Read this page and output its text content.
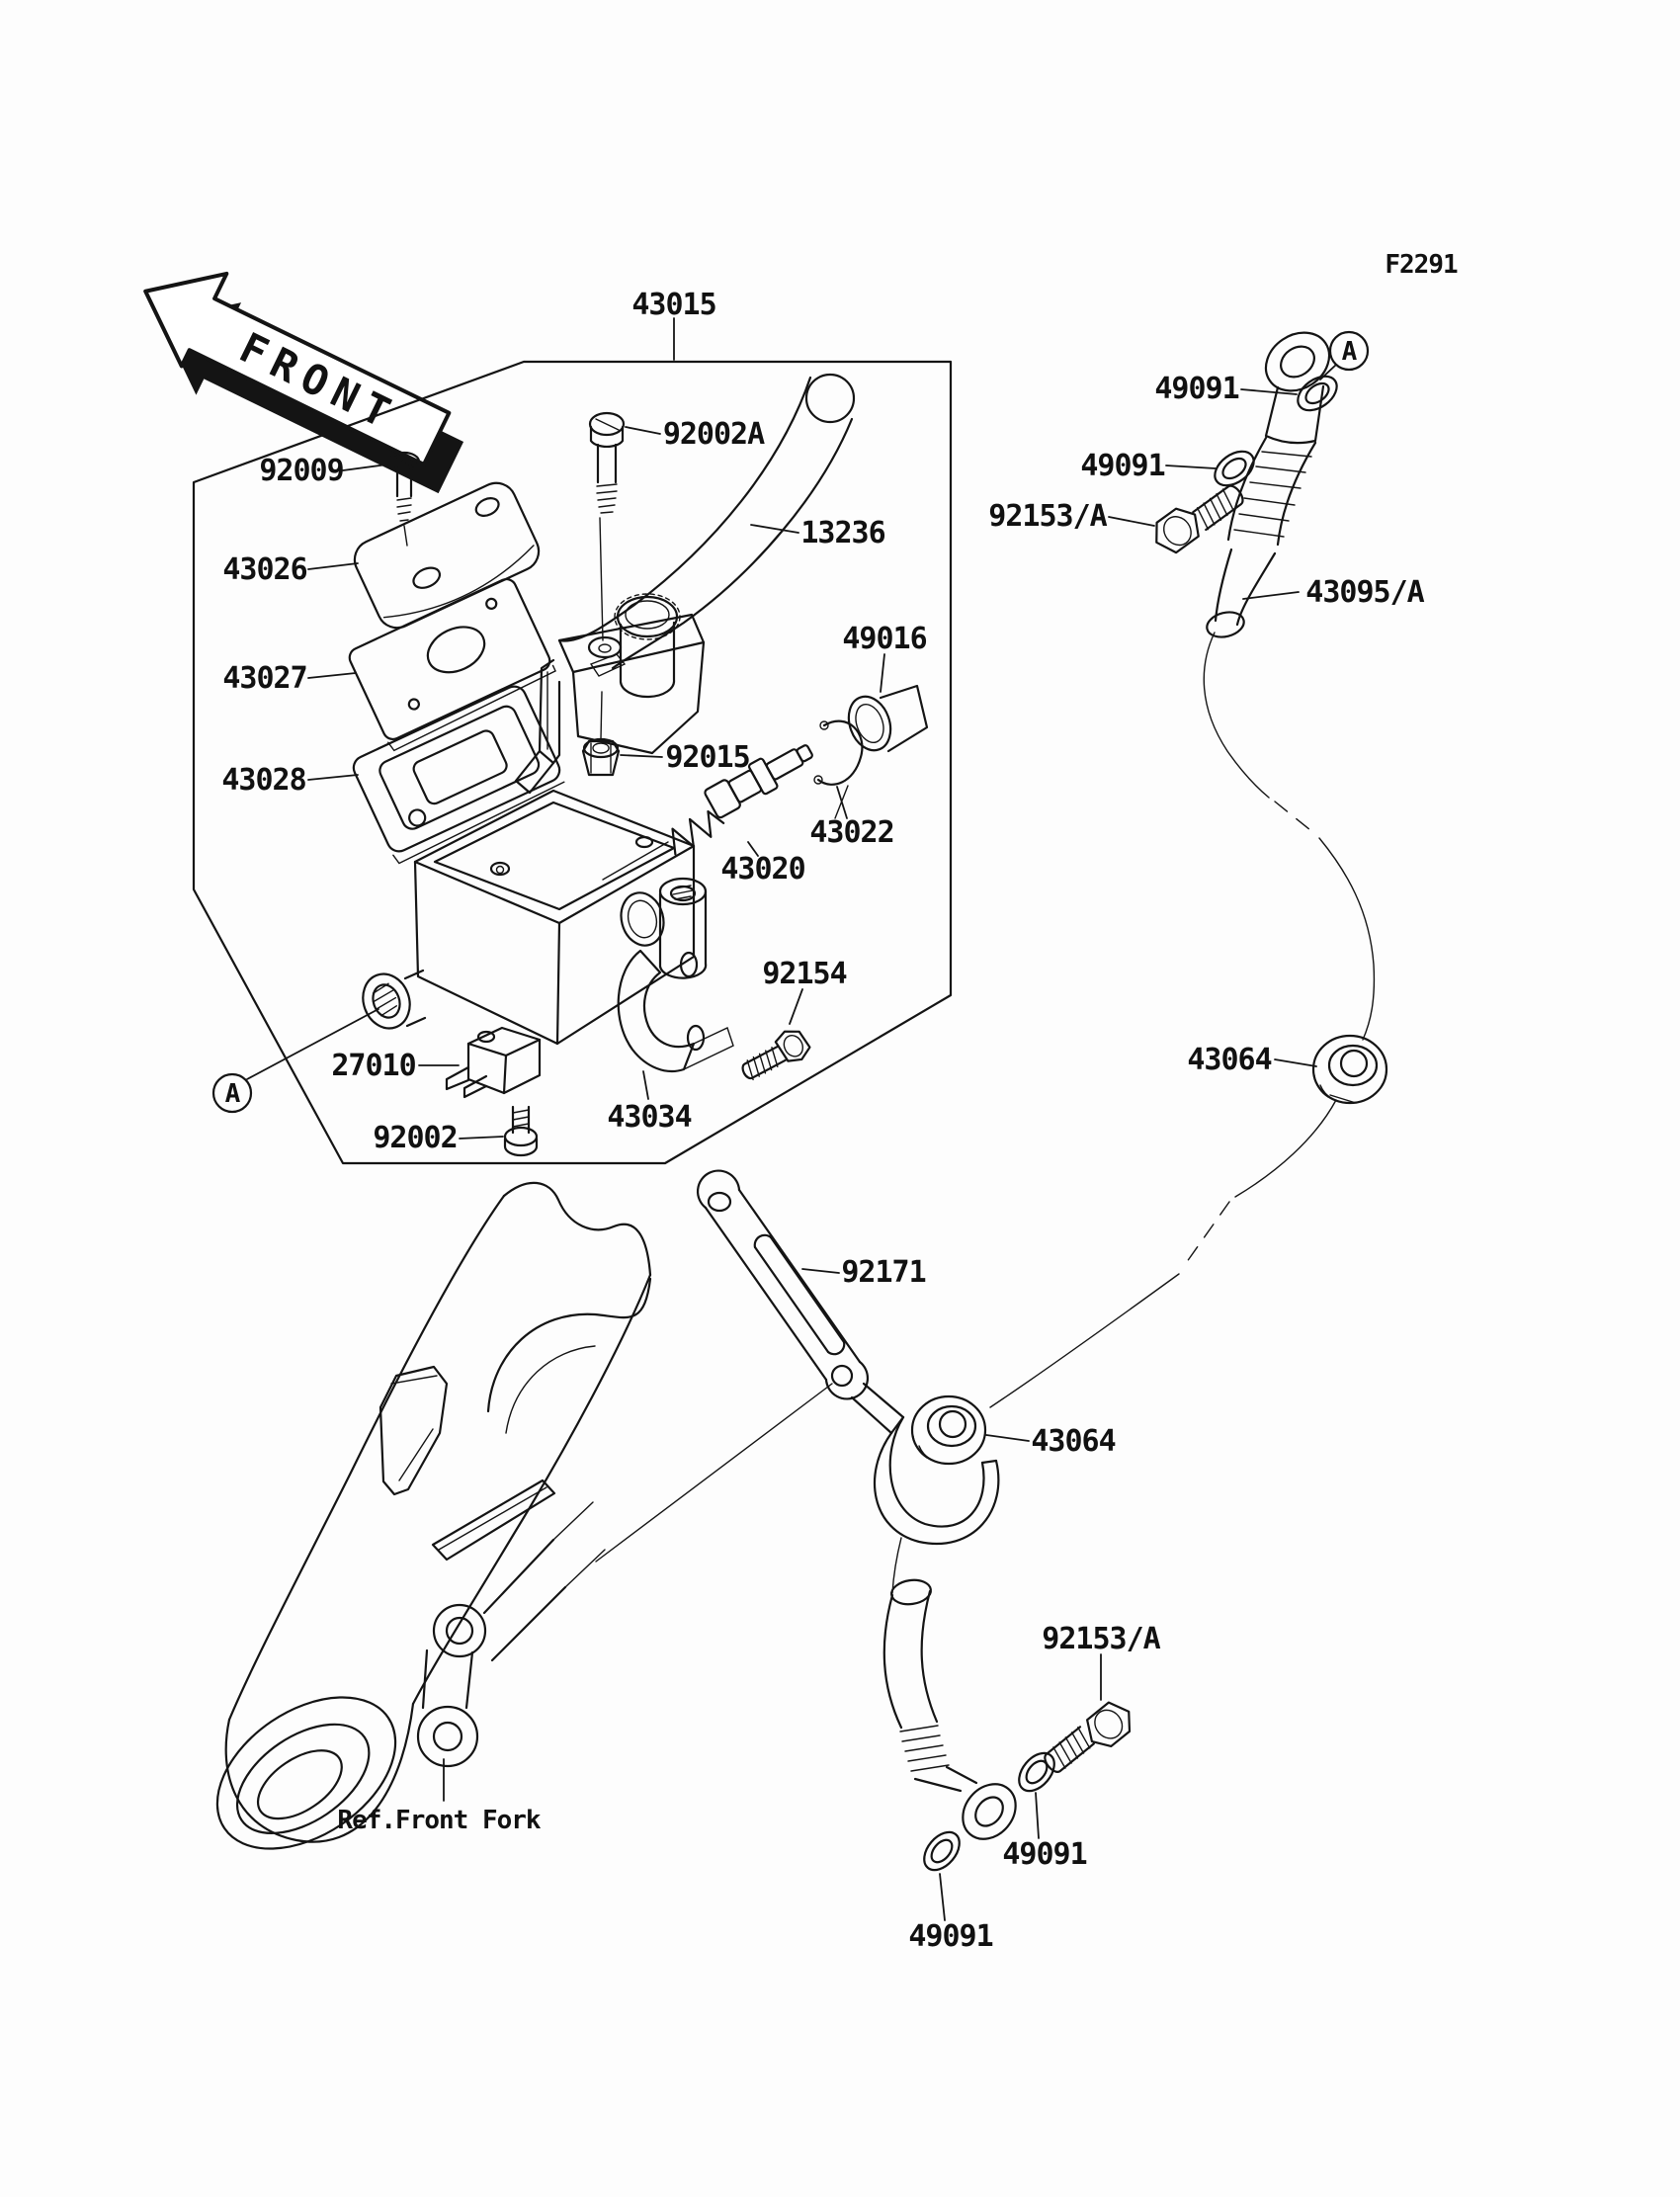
FRONT
F2291
A
A
43015
92009
92002A
13236
43026
43027
43028
49016
92015
43022
43020
92154
43034
27010
92002
49091
49091
92153/A
43095/A
43064
92171
43064
92153/A
49091
49091
Ref.Front Fork
